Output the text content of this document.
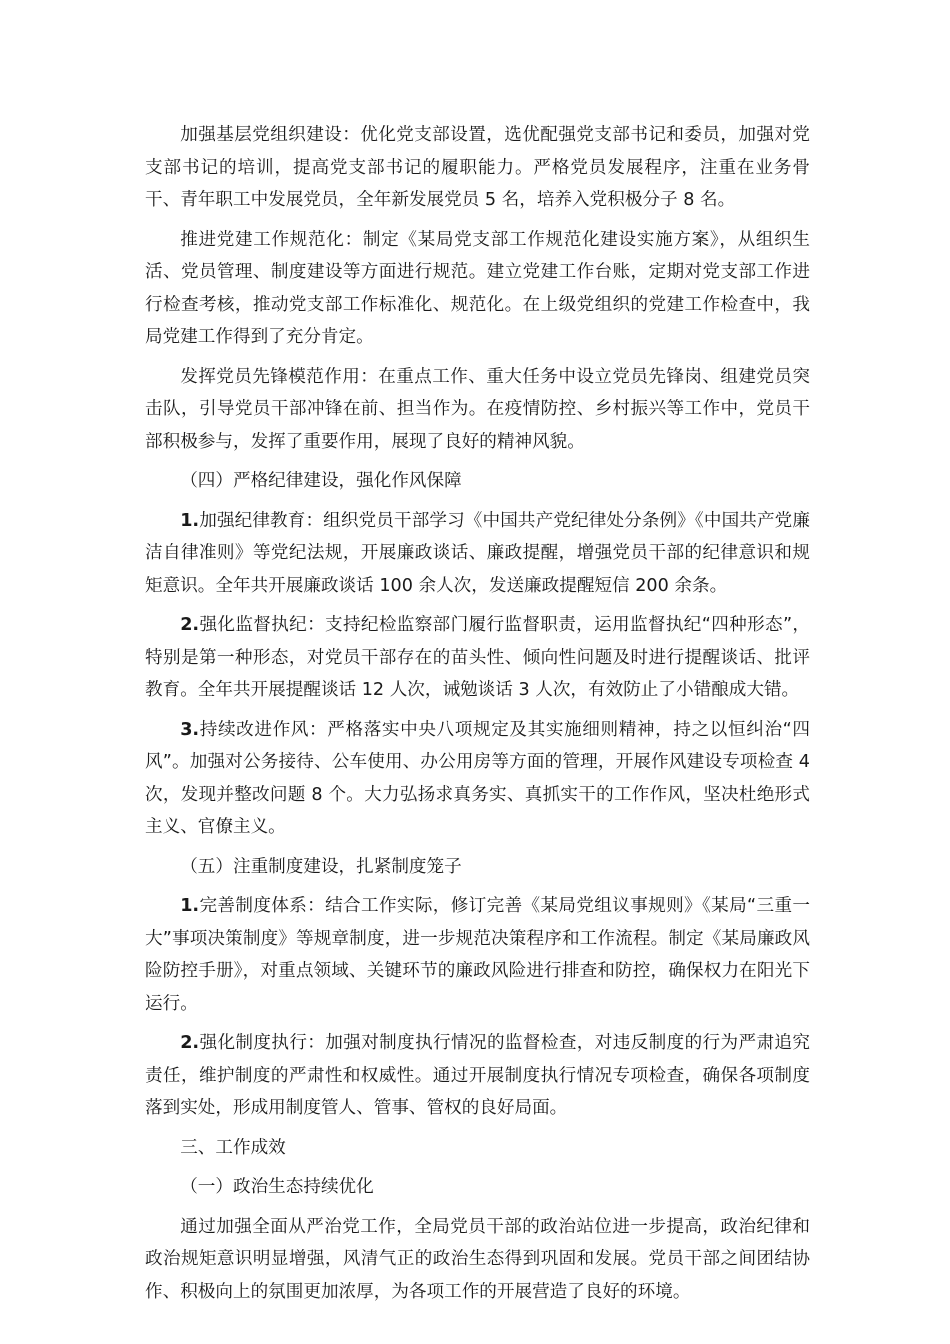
加强基层党组织建设：优化党支部设置，选优配强党支部书记和委员，加强对党支部书记的培训，提高党支部书记的履职能力。严格党员发展程序，注重在业务骨干、青年职工中发展党员，全年新发展党员 5 名，培养入党积极分子 8 名。

推进党建工作规范化：制定《某局党支部工作规范化建设实施方案》，从组织生活、党员管理、制度建设等方面进行规范。建立党建工作台账，定期对党支部工作进行检查考核，推动党支部工作标准化、规范化。在上级党组织的党建工作检查中，我局党建工作得到了充分肯定。

发挥党员先锋模范作用：在重点工作、重大任务中设立党员先锋岗、组建党员突击队，引导党员干部冲锋在前、担当作为。在疫情防控、乡村振兴等工作中，党员干部积极参与，发挥了重要作用，展现了良好的精神风貌。

（四）严格纪律建设，强化作风保障

1.加强纪律教育：组织党员干部学习《中国共产党纪律处分条例》《中国共产党廉洁自律准则》等党纪法规，开展廉政谈话、廉政提醒，增强党员干部的纪律意识和规矩意识。全年共开展廉政谈话 100 余人次，发送廉政提醒短信 200 余条。

2.强化监督执纪：支持纪检监察部门履行监督职责，运用监督执纪“四种形态”，特别是第一种形态，对党员干部存在的苗头性、倾向性问题及时进行提醒谈话、批评教育。全年共开展提醒谈话 12 人次，诫勉谈话 3 人次，有效防止了小错酿成大错。

3.持续改进作风：严格落实中央八项规定及其实施细则精神，持之以恒纠治“四风”。加强对公务接待、公车使用、办公用房等方面的管理，开展作风建设专项检查 4 次，发现并整改问题 8 个。大力弘扬求真务实、真抓实干的工作作风，坚决杜绝形式主义、官僚主义。

（五）注重制度建设，扎紧制度笼子

1.完善制度体系：结合工作实际，修订完善《某局党组议事规则》《某局“三重一大”事项决策制度》等规章制度，进一步规范决策程序和工作流程。制定《某局廉政风险防控手册》，对重点领域、关键环节的廉政风险进行排查和防控，确保权力在阳光下运行。

2.强化制度执行：加强对制度执行情况的监督检查，对违反制度的行为严肃追究责任，维护制度的严肃性和权威性。通过开展制度执行情况专项检查，确保各项制度落到实处，形成用制度管人、管事、管权的良好局面。

三、工作成效

（一）政治生态持续优化

通过加强全面从严治党工作，全局党员干部的政治站位进一步提高，政治纪律和政治规矩意识明显增强，风清气正的政治生态得到巩固和发展。党员干部之间团结协作、积极向上的氛围更加浓厚，为各项工作的开展营造了良好的环境。
